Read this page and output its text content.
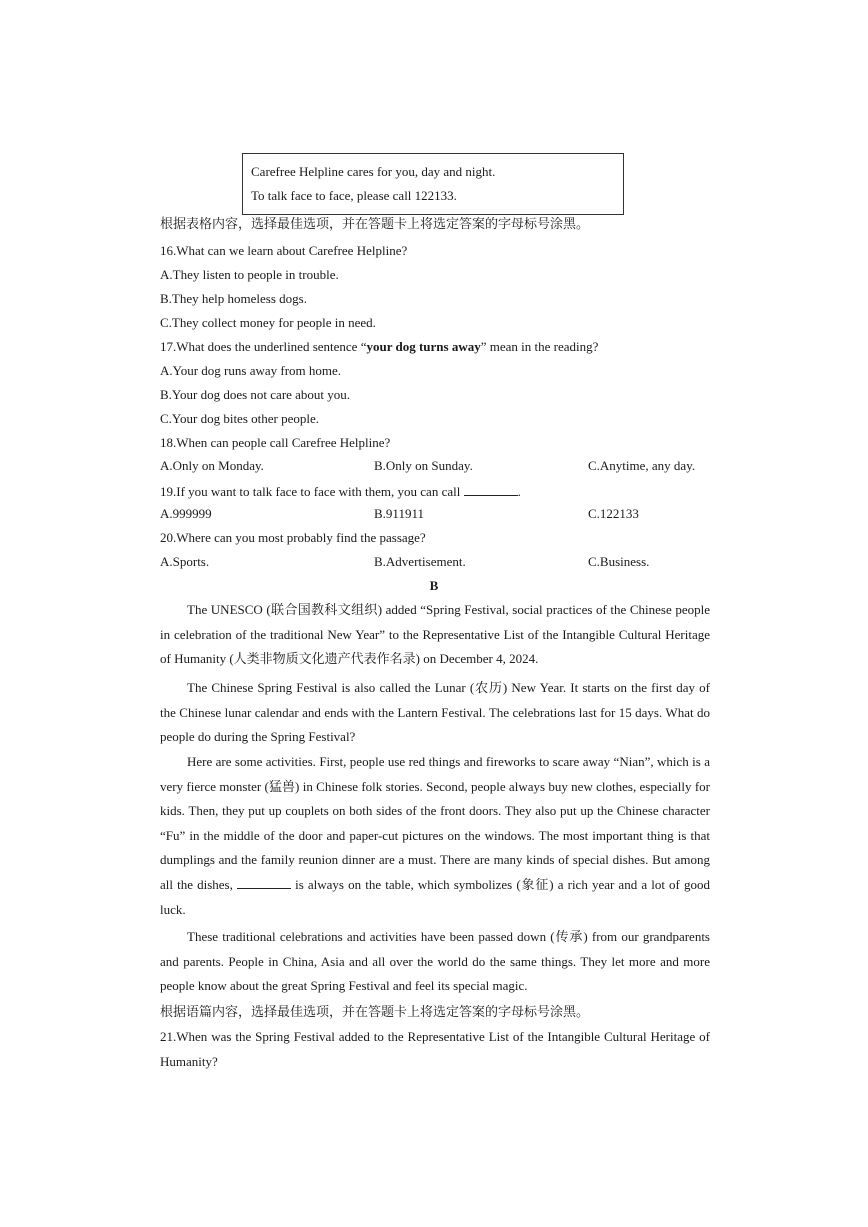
Carefree Helpline cares for you, day and night.
To talk face to face, please call 122133.
根据表格内容，选择最佳选项，并在答题卡上将选定答案的字母标号涂黑。
16.What can we learn about Carefree Helpline?
A.They listen to people in trouble.
B.They help homeless dogs.
C.They collect money for people in need.
17.What does the underlined sentence “your dog turns away” mean in the reading?
A.Your dog runs away from home.
B.Your dog does not care about you.
C.Your dog bites other people.
18.When can people call Carefree Helpline?
A.Only on Monday.	B.Only on Sunday.	C.Anytime, any day.
19.If you want to talk face to face with them, you can call	.
A.999999	B.911911	C.122133
20.Where can you most probably find the passage?
A.Sports.	B.Advertisement.	C.Business.
B

The UNESCO (联合国教科文组织) added “Spring Festival, social practices of the Chinese people in celebration of the traditional New Year” to the Representative List of the Intangible Cultural Heritage of Humanity (人类非物质文化遗产代表作名录) on December 4, 2024.

The Chinese Spring Festival is also called the Lunar (农历) New Year. It starts on the first day of the Chinese lunar calendar and ends with the Lantern Festival. The celebrations last for 15 days. What do people do during the Spring Festival?

Here are some activities. First, people use red things and fireworks to scare away “Nian”, which is a very fierce monster (猛兽) in Chinese folk stories. Second, people always buy new clothes, especially for kids. Then, they put up couplets on both sides of the front doors. They also put up the Chinese character “Fu” in the middle of the door and paper-cut pictures on the windows. The most important thing is that dumplings and the family reunion dinner are a must. There are many kinds of special dishes. But among all the dishes,	is always on the table, which symbolizes (象征) a rich year and a lot of good luck.

These traditional celebrations and activities have been passed down (传承) from our grandparents and parents. People in China, Asia and all over the world do the same things. They let more and more people know about the great Spring Festival and feel its special magic.

根据语篇内容，选择最佳选项，并在答题卡上将选定答案的字母标号涂黑。

21.When was the Spring Festival added to the Representative List of the Intangible Cultural Heritage of Humanity?
